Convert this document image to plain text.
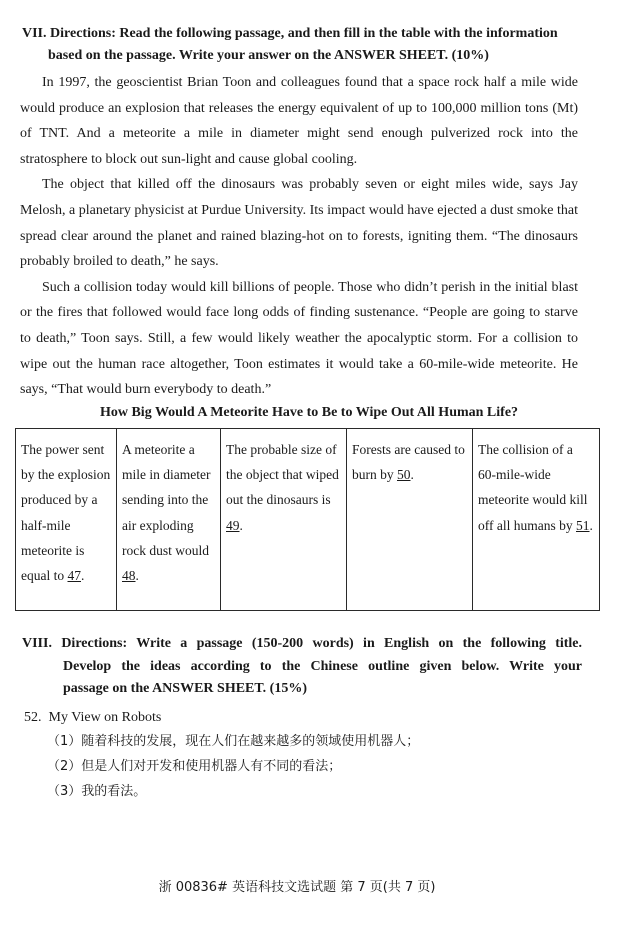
VII. Directions: Read the following passage, and then fill in the table with the information
based on the passage. Write your answer on the ANSWER SHEET. (10%)

In 1997, the geoscientist Brian Toon and colleagues found that a space rock half a mile wide would produce an explosion that releases the energy equivalent of up to 100,000 million tons (Mt) of TNT. And a meteorite a mile in diameter might send enough pulverized rock into the stratosphere to block out sun-light and cause global cooling.

The object that killed off the dinosaurs was probably seven or eight miles wide, says Jay Melosh, a planetary physicist at Purdue University. Its impact would have ejected a dust smoke that spread clear around the planet and rained blazing-hot on to forests, igniting them. “The dinosaurs probably broiled to death,” he says.

Such a collision today would kill billions of people. Those who didn’t perish in the initial blast or the fires that followed would face long odds of finding sustenance. “People are going to starve to death,” Toon says. Still, a few would likely weather the apocalyptic storm. For a collision to wipe out the human race altogether, Toon estimates it would take a 60-mile-wide meteorite. He says, “That would burn everybody to death.”

How Big Would A Meteorite Have to Be to Wipe Out All Human Life?

The power sent by the explosion produced by a half-mile meteorite is equal to 47.	A meteorite a mile in diameter sending into the air exploding rock dust would 48.	The probable size of the object that wiped out the dinosaurs is 49.	Forests are caused to burn by 50.	The collision of a 60-mile-wide meteorite would kill off all humans by 51.

VIII. Directions: Write a passage (150-200 words) in English on the following title.
Develop the ideas according to the Chinese outline given below. Write your
passage on the ANSWER SHEET. (15%)

52. My View on Robots

（1）随着科技的发展，现在人们在越来越多的领域使用机器人；
（2）但是人们对开发和使用机器人有不同的看法；
（3）我的看法。

浙 00836# 英语科技文选试题 第 7 页(共 7 页)
